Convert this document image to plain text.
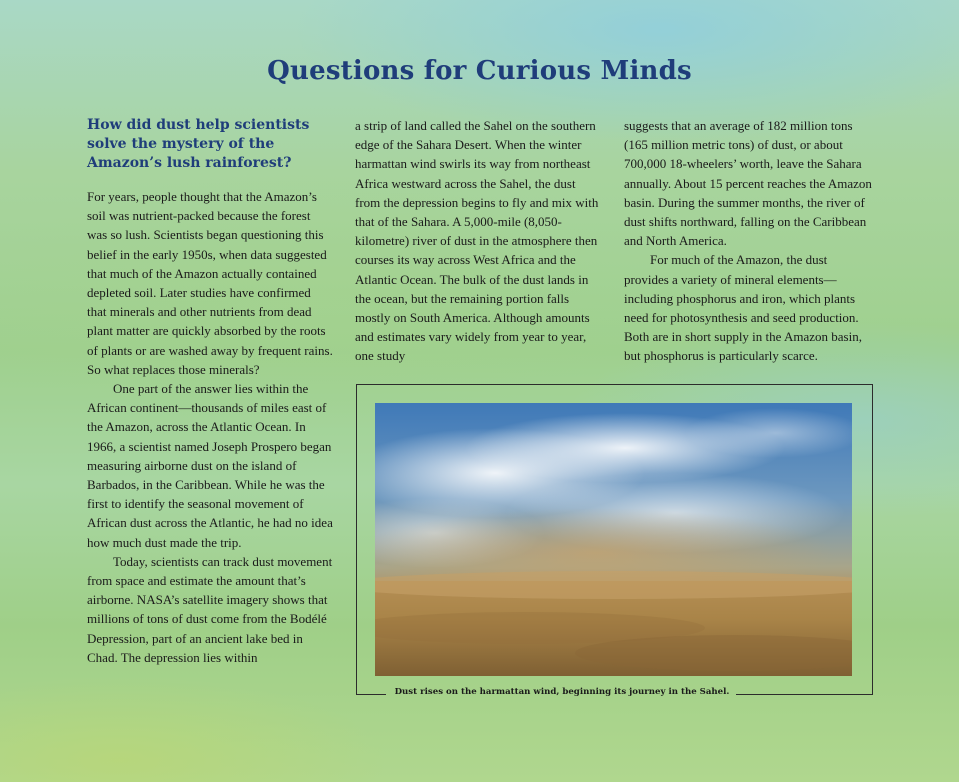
Questions for Curious Minds
How did dust help scientists solve the mystery of the Amazon’s lush rainforest?

For years, people thought that the Amazon’s soil was nutrient-packed because the forest was so lush. Scientists began questioning this belief in the early 1950s, when data suggested that much of the Amazon actually contained depleted soil. Later studies have confirmed that minerals and other nutrients from dead plant matter are quickly absorbed by the roots of plants or are washed away by frequent rains. So what replaces those minerals?

One part of the answer lies within the African continent—thousands of miles east of the Amazon, across the Atlantic Ocean. In 1966, a scientist named Joseph Prospero began measuring airborne dust on the island of Barbados, in the Caribbean. While he was the first to identify the seasonal movement of African dust across the Atlantic, he had no idea how much dust made the trip.

Today, scientists can track dust movement from space and estimate the amount that’s airborne. NASA’s satellite imagery shows that millions of tons of dust come from the Bodélé Depression, part of an ancient lake bed in Chad. The depression lies within

a strip of land called the Sahel on the southern edge of the Sahara Desert. When the winter harmattan wind swirls its way from northeast Africa westward across the Sahel, the dust from the depression begins to fly and mix with that of the Sahara. A 5,000-mile (8,050-kilometre) river of dust in the atmosphere then courses its way across West Africa and the Atlantic Ocean. The bulk of the dust lands in the ocean, but the remaining portion falls mostly on South America. Although amounts and estimates vary widely from year to year, one study

suggests that an average of 182 million tons (165 million metric tons) of dust, or about 700,000 18-wheelers’ worth, leave the Sahara annually. About 15 percent reaches the Amazon basin. During the summer months, the river of dust shifts northward, falling on the Caribbean and North America.

For much of the Amazon, the dust provides a variety of mineral elements—including phosphorus and iron, which plants need for photosynthesis and seed production. Both are in short supply in the Amazon basin, but phosphorus is particularly scarce.

Dust rises on the harmattan wind, beginning its journey in the Sahel.
